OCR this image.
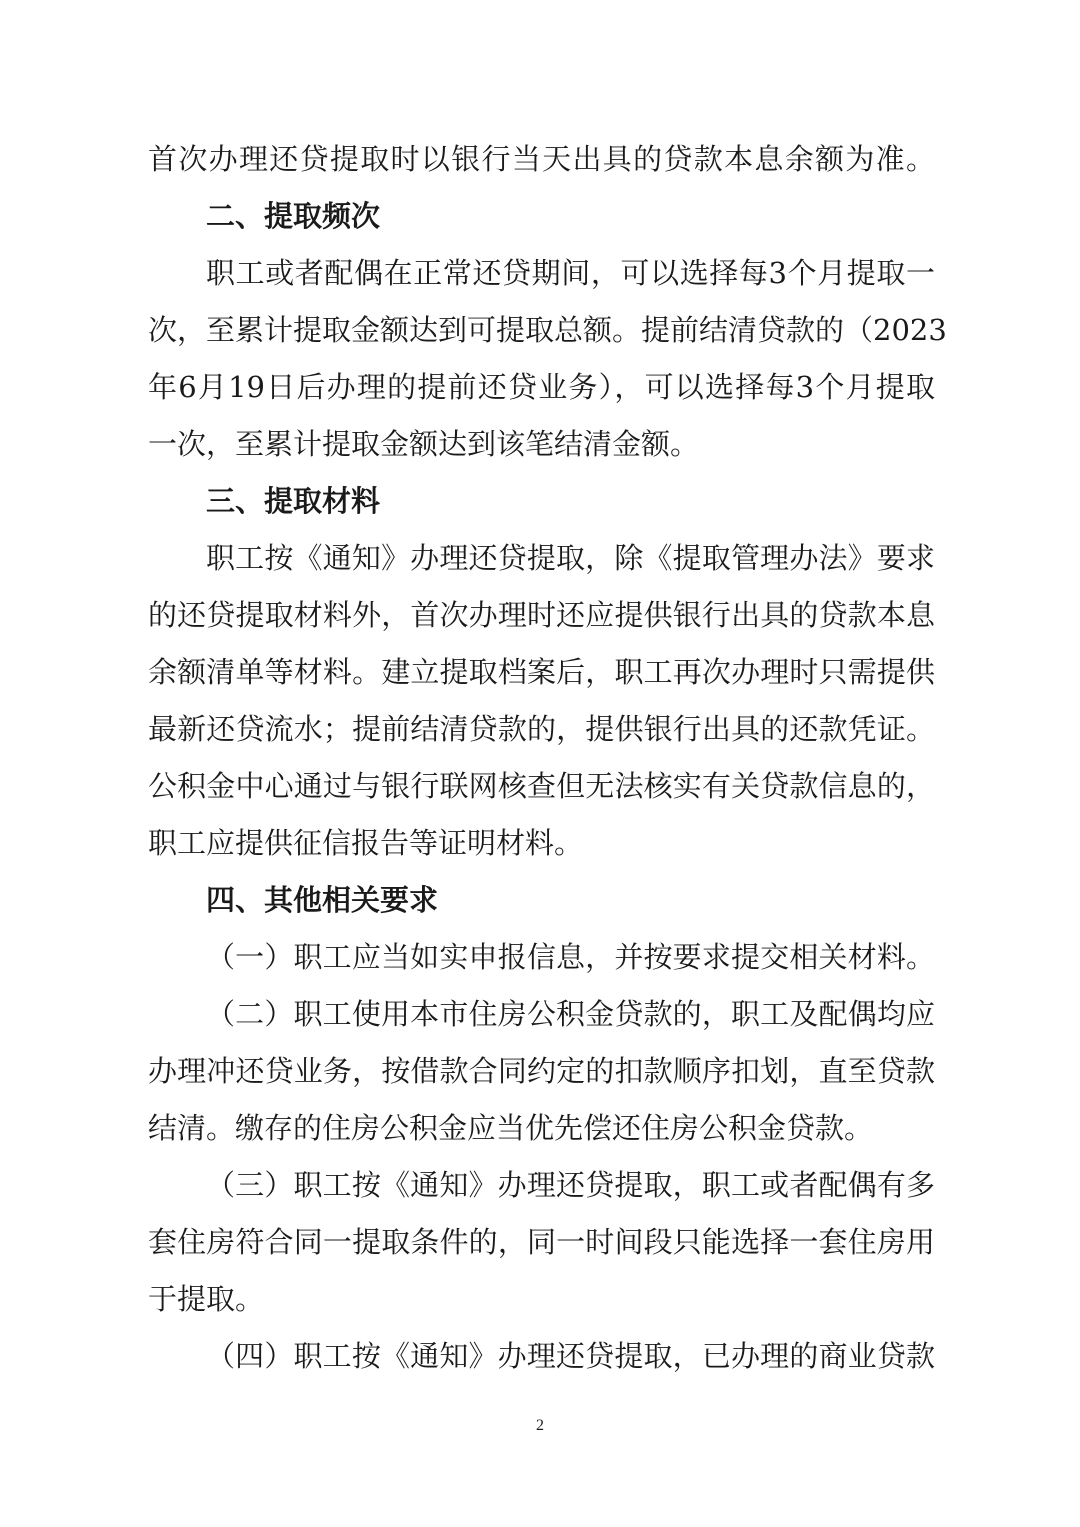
首次办理还贷提取时以银行当天出具的贷款本息余额为准。
二、提取频次
职工或者配偶在正常还贷期间，可以选择每3个月提取一
次，至累计提取金额达到可提取总额。提前结清贷款的（2023
年6月19日后办理的提前还贷业务），可以选择每3个月提取
一次，至累计提取金额达到该笔结清金额。
三、提取材料
职工按《通知》办理还贷提取，除《提取管理办法》要求
的还贷提取材料外，首次办理时还应提供银行出具的贷款本息
余额清单等材料。建立提取档案后，职工再次办理时只需提供
最新还贷流水；提前结清贷款的，提供银行出具的还款凭证。
公积金中心通过与银行联网核查但无法核实有关贷款信息的，
职工应提供征信报告等证明材料。
四、其他相关要求
（一）职工应当如实申报信息，并按要求提交相关材料。
（二）职工使用本市住房公积金贷款的，职工及配偶均应
办理冲还贷业务，按借款合同约定的扣款顺序扣划，直至贷款
结清。缴存的住房公积金应当优先偿还住房公积金贷款。
（三）职工按《通知》办理还贷提取，职工或者配偶有多
套住房符合同一提取条件的，同一时间段只能选择一套住房用
于提取。
（四）职工按《通知》办理还贷提取，已办理的商业贷款
2
